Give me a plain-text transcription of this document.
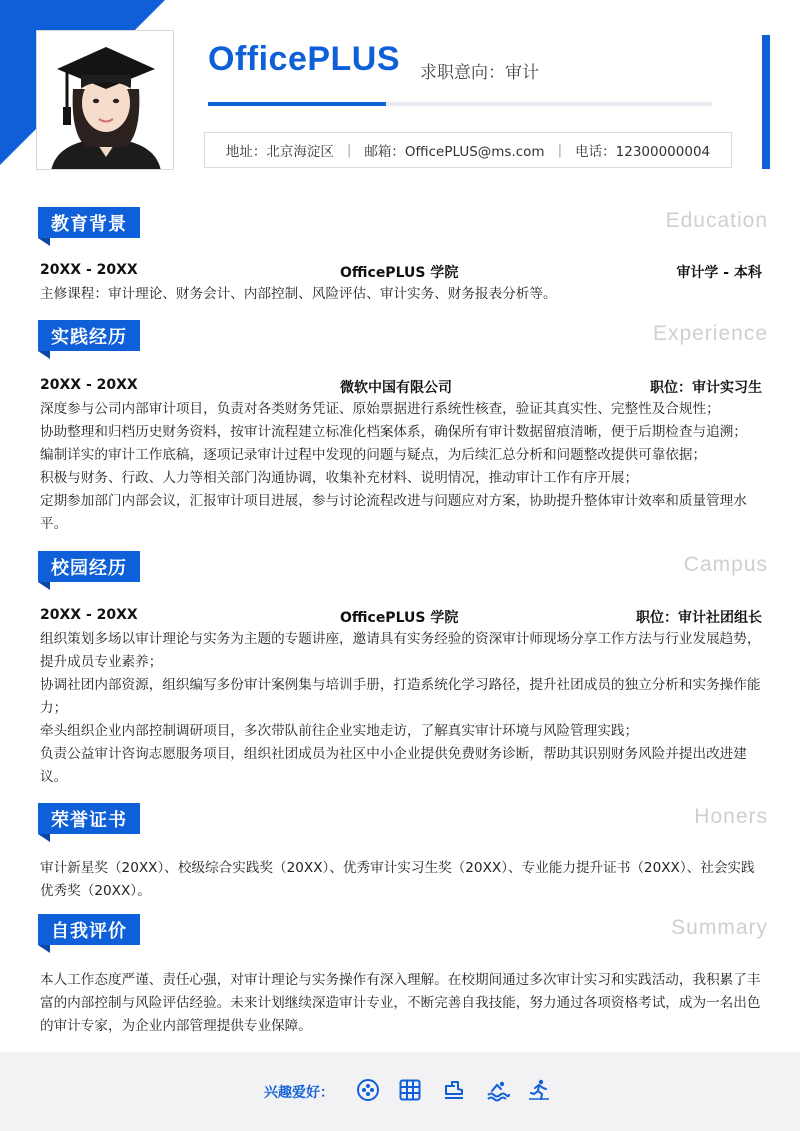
OfficePLUS 求职意向：审计
地址：北京海淀区 | 邮箱：OfficePLUS@ms.com | 电话：12300000004
教育背景	Education
20XX - 20XX	OfficePLUS 学院	审计学 - 本科
主修课程：审计理论、财务会计、内部控制、风险评估、审计实务、财务报表分析等。
实践经历	Experience
20XX - 20XX	微软中国有限公司	职位：审计实习生
深度参与公司内部审计项目，负责对各类财务凭证、原始票据进行系统性核查，验证其真实性、完整性及合规性；
协助整理和归档历史财务资料，按审计流程建立标准化档案体系，确保所有审计数据留痕清晰，便于后期检查与追溯；
编制详实的审计工作底稿，逐项记录审计过程中发现的问题与疑点，为后续汇总分析和问题整改提供可靠依据；
积极与财务、行政、人力等相关部门沟通协调，收集补充材料、说明情况，推动审计工作有序开展；
定期参加部门内部会议，汇报审计项目进展，参与讨论流程改进与问题应对方案，协助提升整体审计效率和质量管理水平。
校园经历	Campus
20XX - 20XX	OfficePLUS 学院	职位：审计社团组长
组织策划多场以审计理论与实务为主题的专题讲座，邀请具有实务经验的资深审计师现场分享工作方法与行业发展趋势，提升成员专业素养；
协调社团内部资源，组织编写多份审计案例集与培训手册，打造系统化学习路径，提升社团成员的独立分析和实务操作能力；
牵头组织企业内部控制调研项目，多次带队前往企业实地走访，了解真实审计环境与风险管理实践；
负责公益审计咨询志愿服务项目，组织社团成员为社区中小企业提供免费财务诊断，帮助其识别财务风险并提出改进建议。
荣誉证书	Honers
审计新星奖（20XX）、校级综合实践奖（20XX）、优秀审计实习生奖（20XX）、专业能力提升证书（20XX）、社会实践优秀奖（20XX）。
自我评价	Summary
本人工作态度严谨、责任心强，对审计理论与实务操作有深入理解。在校期间通过多次审计实习和实践活动，我积累了丰富的内部控制与风险评估经验。未来计划继续深造审计专业，不断完善自我技能，努力通过各项资格考试，成为一名出色的审计专家，为企业内部管理提供专业保障。
兴趣爱好：
